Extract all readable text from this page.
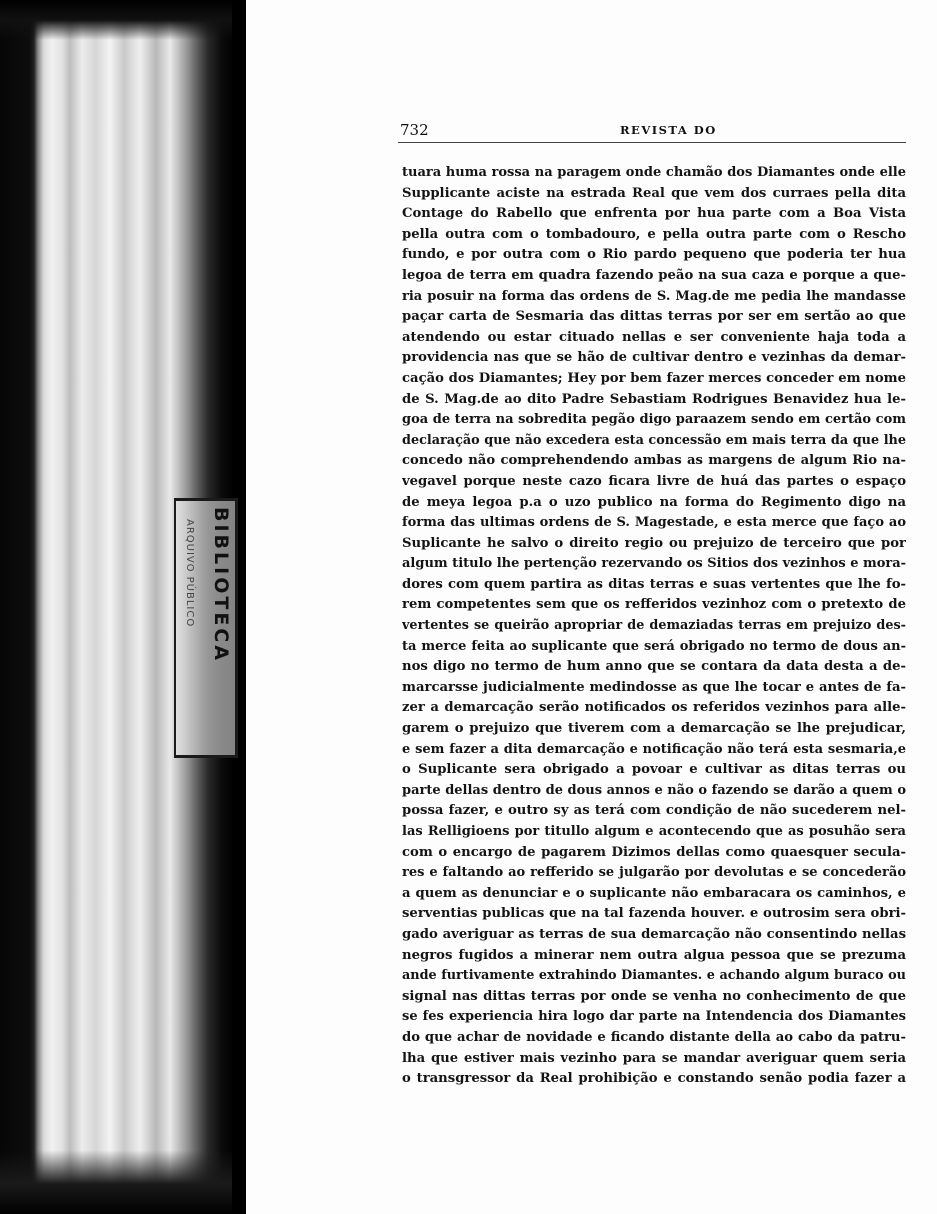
BIBLIOTECA
ARQUIVO PÚBLICO
732	REVISTA DO
tuara huma rossa na paragem onde chamão dos Diamantes onde elle
Supplicante aciste na estrada Real que vem dos curraes pella dita
Contage do Rabello que enfrenta por hua parte com a Boa Vista
pella outra com o tombadouro, e pella outra parte com o Rescho
fundo, e por outra com o Rio pardo pequeno que poderia ter hua
legoa de terra em quadra fazendo peão na sua caza e porque a que-
ria posuir na forma das ordens de S. Mag.de me pedia lhe mandasse
paçar carta de Sesmaria das dittas terras por ser em sertão ao que
atendendo ou estar cituado nellas e ser conveniente haja toda a
providencia nas que se hão de cultivar dentro e vezinhas da demar-
cação dos Diamantes; Hey por bem fazer merces conceder em nome
de S. Mag.de ao dito Padre Sebastiam Rodrigues Benavidez hua le-
goa de terra na sobredita pegão digo paraazem sendo em certão com
declaração que não excedera esta concessão em mais terra da que lhe
concedo não comprehendendo ambas as margens de algum Rio na-
vegavel porque neste cazo ficara livre de huá das partes o espaço
de meya legoa p.a o uzo publico na forma do Regimento digo na
forma das ultimas ordens de S. Magestade, e esta merce que faço ao
Suplicante he salvo o direito regio ou prejuizo de terceiro que por
algum titulo lhe pertenção rezervando os Sitios dos vezinhos e mora-
dores com quem partira as ditas terras e suas vertentes que lhe fo-
rem competentes sem que os refferidos vezinhoz com o pretexto de
vertentes se queirão apropriar de demaziadas terras em prejuizo des-
ta merce feita ao suplicante que será obrigado no termo de dous an-
nos digo no termo de hum anno que se contara da data desta a de-
marcarsse judicialmente medindosse as que lhe tocar e antes de fa-
zer a demarcação serão notificados os referidos vezinhos para alle-
garem o prejuizo que tiverem com a demarcação se lhe prejudicar,
e sem fazer a dita demarcação e notificação não terá esta sesmaria,e
o Suplicante sera obrigado a povoar e cultivar as ditas terras ou
parte dellas dentro de dous annos e não o fazendo se darão a quem o
possa fazer, e outro sy as terá com condição de não sucederem nel-
las Relligioens por titullo algum e acontecendo que as posuhão sera
com o encargo de pagarem Dizimos dellas como quaesquer secula-
res e faltando ao refferido se julgarão por devolutas e se concederão
a quem as denunciar e o suplicante não embaracara os caminhos, e
serventias publicas que na tal fazenda houver. e outrosim sera obri-
gado averiguar as terras de sua demarcação não consentindo nellas
negros fugidos a minerar nem outra algua pessoa que se prezuma
ande furtivamente extrahindo Diamantes. e achando algum buraco ou
signal nas dittas terras por onde se venha no conhecimento de que
se fes experiencia hira logo dar parte na Intendencia dos Diamantes
do que achar de novidade e ficando distante della ao cabo da patru-
lha que estiver mais vezinho para se mandar averiguar quem seria
o transgressor da Real prohibição e constando senão podia fazer a
